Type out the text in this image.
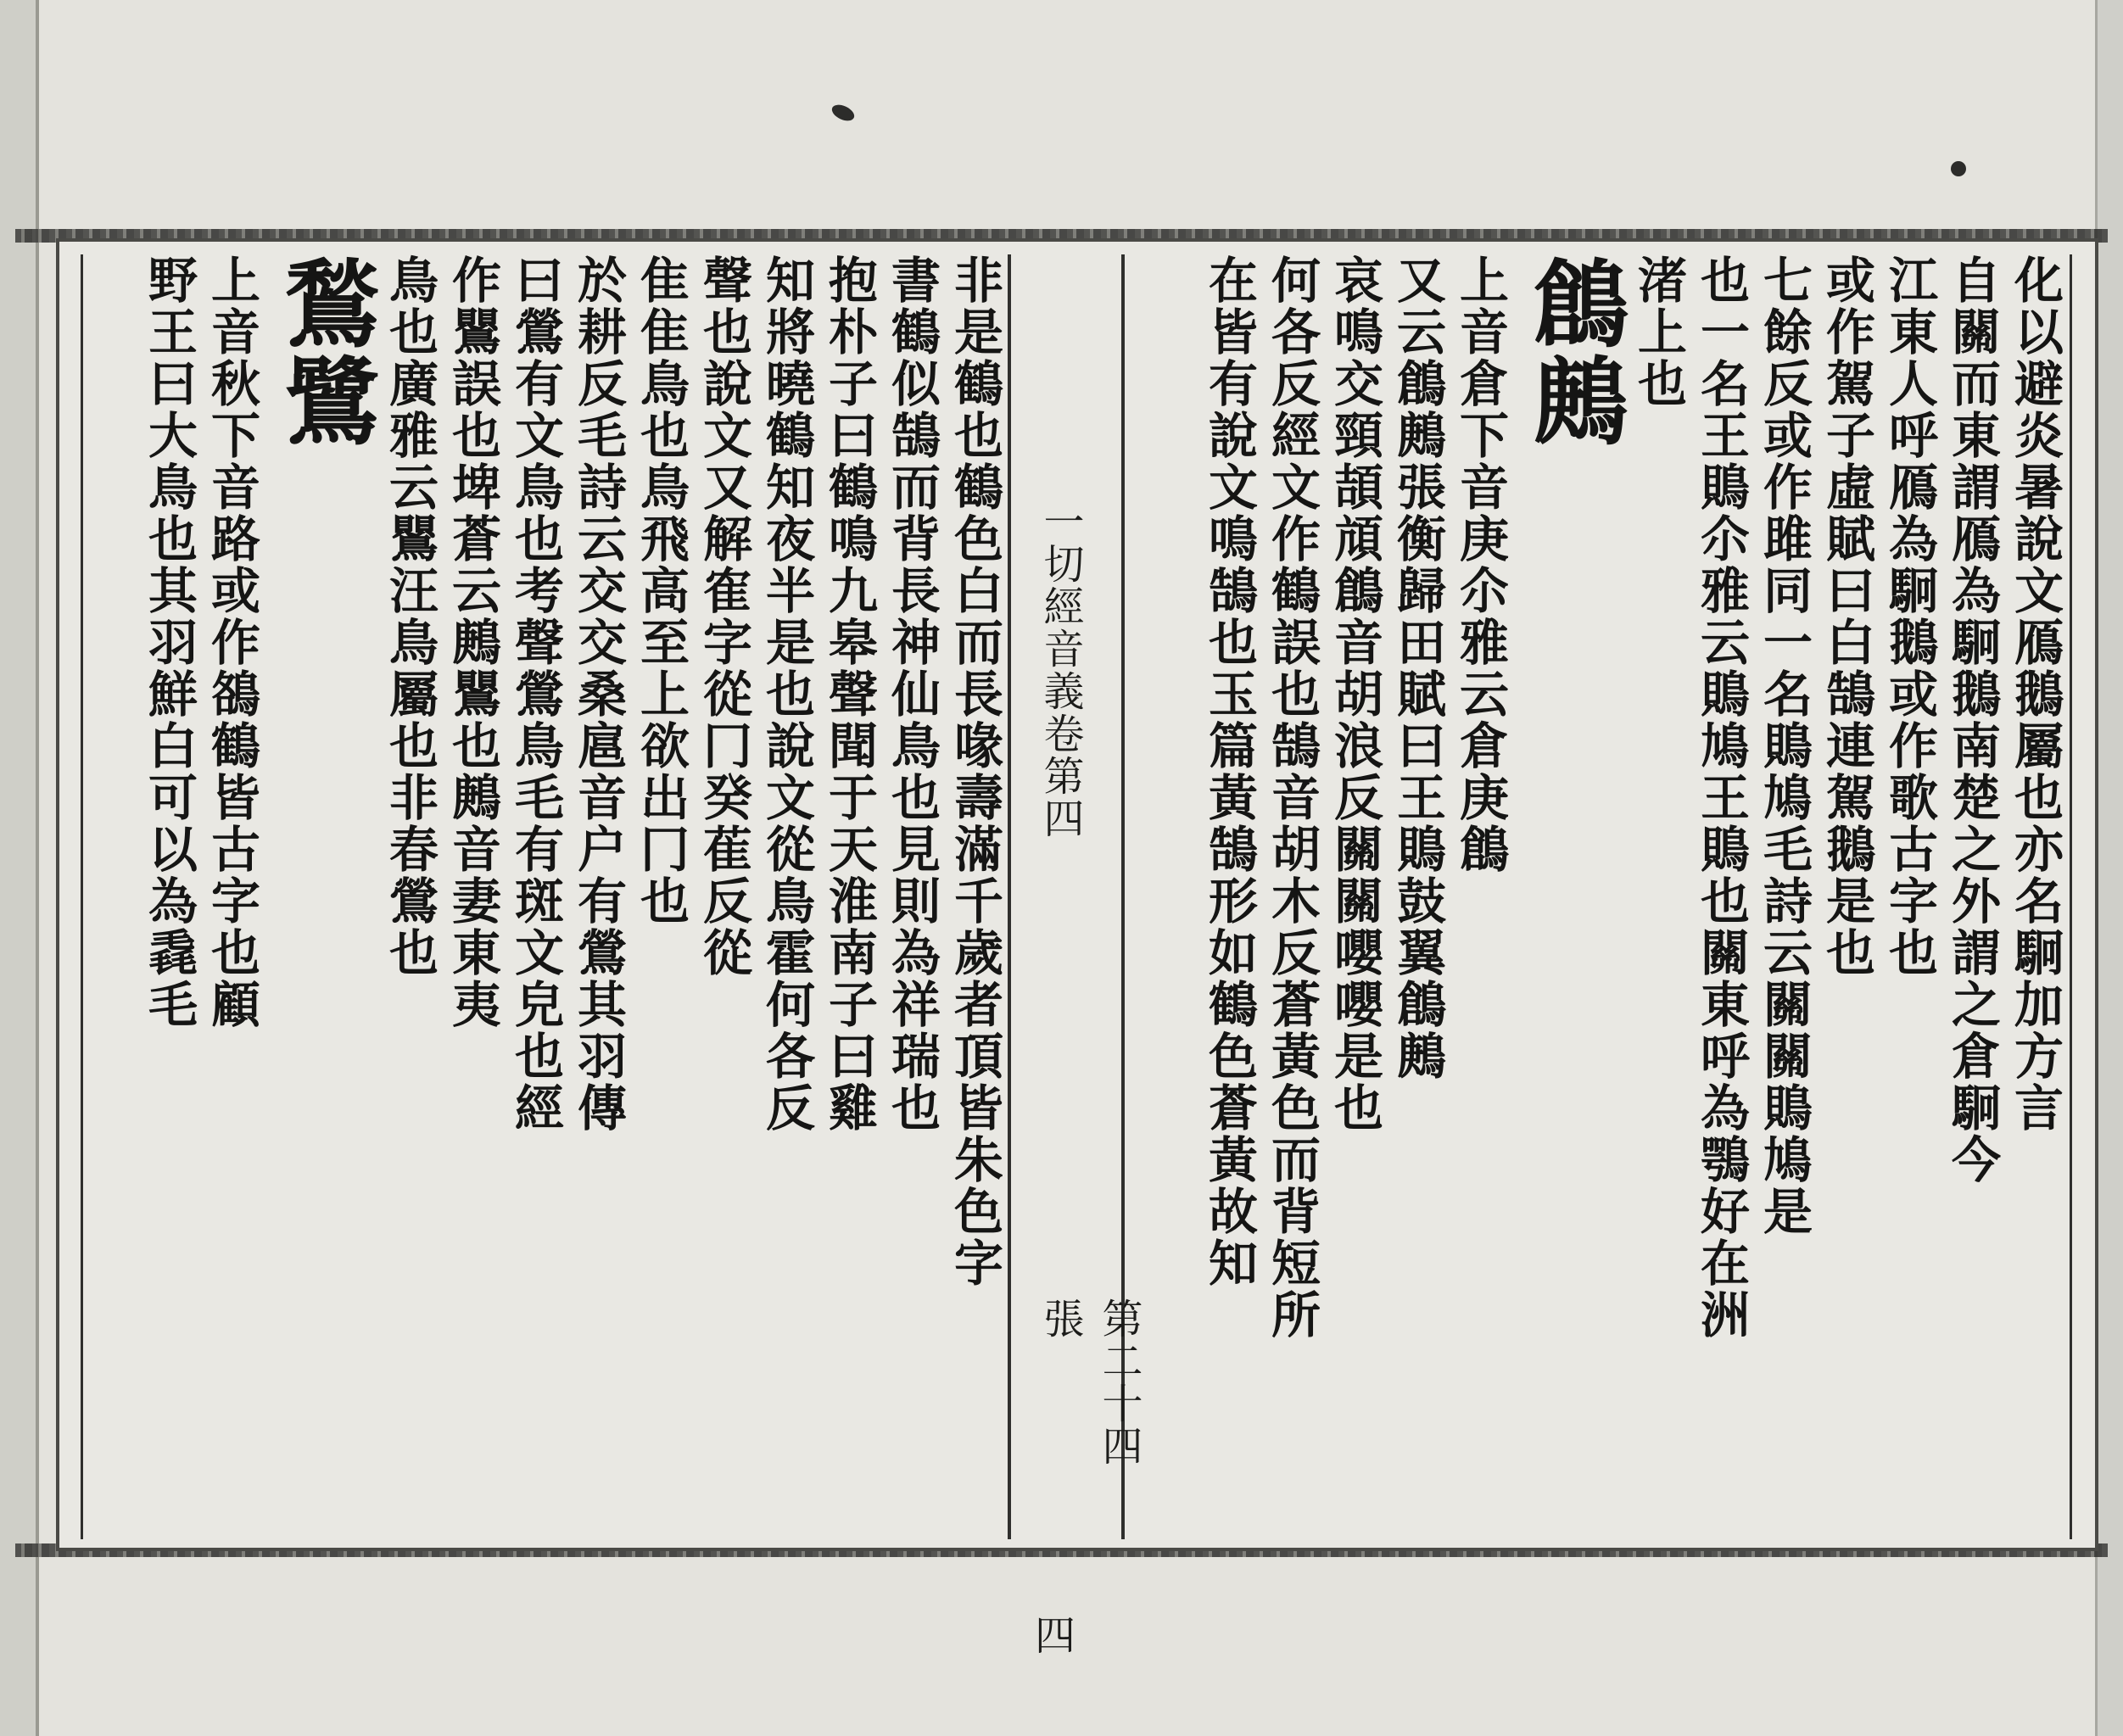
化以避炎暑說文鴈鵝屬也亦名駉加方言
自關而東謂鴈為駉鵝南楚之外謂之倉駉今
江東人呼鴈為駉鵝或作歌古字也
或作駕子虛賦曰白鵠連駕鵝是也
七餘反或作雎同一名鵙鳩毛詩云關關鵙鳩是
也一名王鵙尒雅云鵙鳩王鵙也關東呼為鶚好在洲
渚上也
鶬鶊
上音倉下音庚尒雅云倉庚鶬
又云鶬鶊張衡歸田賦曰王鵙鼓翼鶬鶊
哀鳴交頸頡頏鶬音胡浪反關關嚶嚶是也
何各反經文作鶴誤也鵠音胡木反蒼黃色而背短所
在皆有說文鳴鵠也玉篇黃鵠形如鶴色蒼黃故知
一切經音義卷第四
第二十四張
四
非是鶴也鶴色白而長喙壽滿千歲者頂皆朱色字
書鶴似鵠而背長神仙鳥也見則為祥瑞也
抱朴子曰鶴鳴九皋聲聞于天淮南子曰雞
知將曉鶴知夜半是也說文從鳥霍何各反
聲也說文又解隺字從冂癸萑反從
隹隹鳥也鳥飛高至上欲出冂也
於耕反毛詩云交交桑扈音户有鶯其羽傳
曰鶯有文鳥也考聲鶯鳥毛有斑文皃也經
作鸎誤也埤蒼云鶊鸎也鶊音妻東夷
鳥也廣雅云鸎汪鳥屬也非春鶯也
鶖鷺
上音秋下音路或作鵅鶴皆古字也顧
野王曰大鳥也其羽鮮白可以為毳毛
